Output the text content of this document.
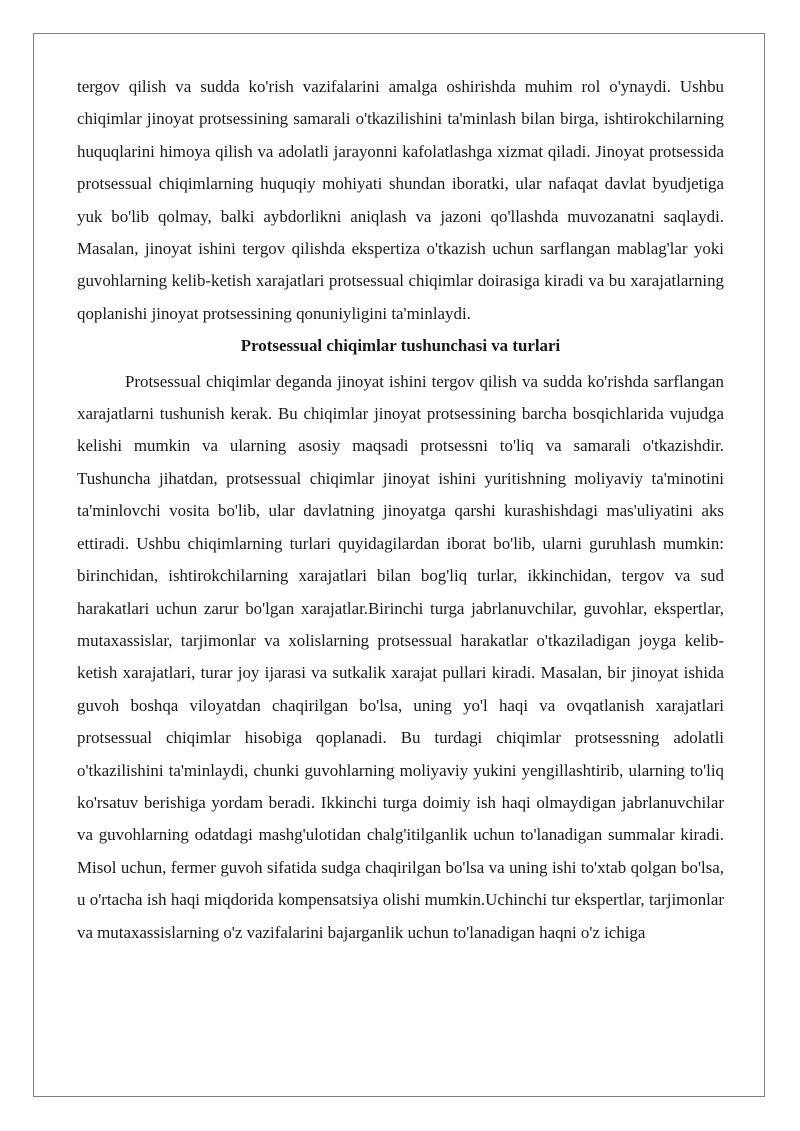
tergov qilish va sudda ko'rish vazifalarini amalga oshirishda muhim rol o'ynaydi. Ushbu chiqimlar jinoyat protsessining samarali o'tkazilishini ta'minlash bilan birga, ishtirokchilarning huquqlarini himoya qilish va adolatli jarayonni kafolatlashga xizmat qiladi. Jinoyat protsessida protsessual chiqimlarning huquqiy mohiyati shundan iboratki, ular nafaqat davlat byudjetiga yuk bo'lib qolmay, balki aybdorlikni aniqlash va jazoni qo'llashda muvozanatni saqlaydi. Masalan, jinoyat ishini tergov qilishda ekspertiza o'tkazish uchun sarflangan mablag'lar yoki guvohlarning kelib-ketish xarajatlari protsessual chiqimlar doirasiga kiradi va bu xarajatlarning qoplanishi jinoyat protsessining qonuniyligini ta'minlaydi.

Protsessual chiqimlar tushunchasi va turlari

Protsessual chiqimlar deganda jinoyat ishini tergov qilish va sudda ko'rishda sarflangan xarajatlarni tushunish kerak. Bu chiqimlar jinoyat protsessining barcha bosqichlarida vujudga kelishi mumkin va ularning asosiy maqsadi protsessni to'liq va samarali o'tkazishdir. Tushuncha jihatdan, protsessual chiqimlar jinoyat ishini yuritishning moliyaviy ta'minotini ta'minlovchi vosita bo'lib, ular davlatning jinoyatga qarshi kurashishdagi mas'uliyatini aks ettiradi. Ushbu chiqimlarning turlari quyidagilardan iborat bo'lib, ularni guruhlash mumkin: birinchidan, ishtirokchilarning xarajatlari bilan bog'liq turlar, ikkinchidan, tergov va sud harakatlari uchun zarur bo'lgan xarajatlar.Birinchi turga jabrlanuvchilar, guvohlar, ekspertlar, mutaxassislar, tarjimonlar va xolislarning protsessual harakatlar o'tkaziladigan joyga kelib-ketish xarajatlari, turar joy ijarasi va sutkalik xarajat pullari kiradi. Masalan, bir jinoyat ishida guvoh boshqa viloyatdan chaqirilgan bo'lsa, uning yo'l haqi va ovqatlanish xarajatlari protsessual chiqimlar hisobiga qoplanadi. Bu turdagi chiqimlar protsessning adolatli o'tkazilishini ta'minlaydi, chunki guvohlarning moliyaviy yukini yengillashtirib, ularning to'liq ko'rsatuv berishiga yordam beradi. Ikkinchi turga doimiy ish haqi olmaydigan jabrlanuvchilar va guvohlarning odatdagi mashg'ulotidan chalg'itilganlik uchun to'lanadigan summalar kiradi. Misol uchun, fermer guvoh sifatida sudga chaqirilgan bo'lsa va uning ishi to'xtab qolgan bo'lsa, u o'rtacha ish haqi miqdorida kompensatsiya olishi mumkin.Uchinchi tur ekspertlar, tarjimonlar va mutaxassislarning o'z vazifalarini bajarganlik uchun to'lanadigan haqni o'z ichiga
